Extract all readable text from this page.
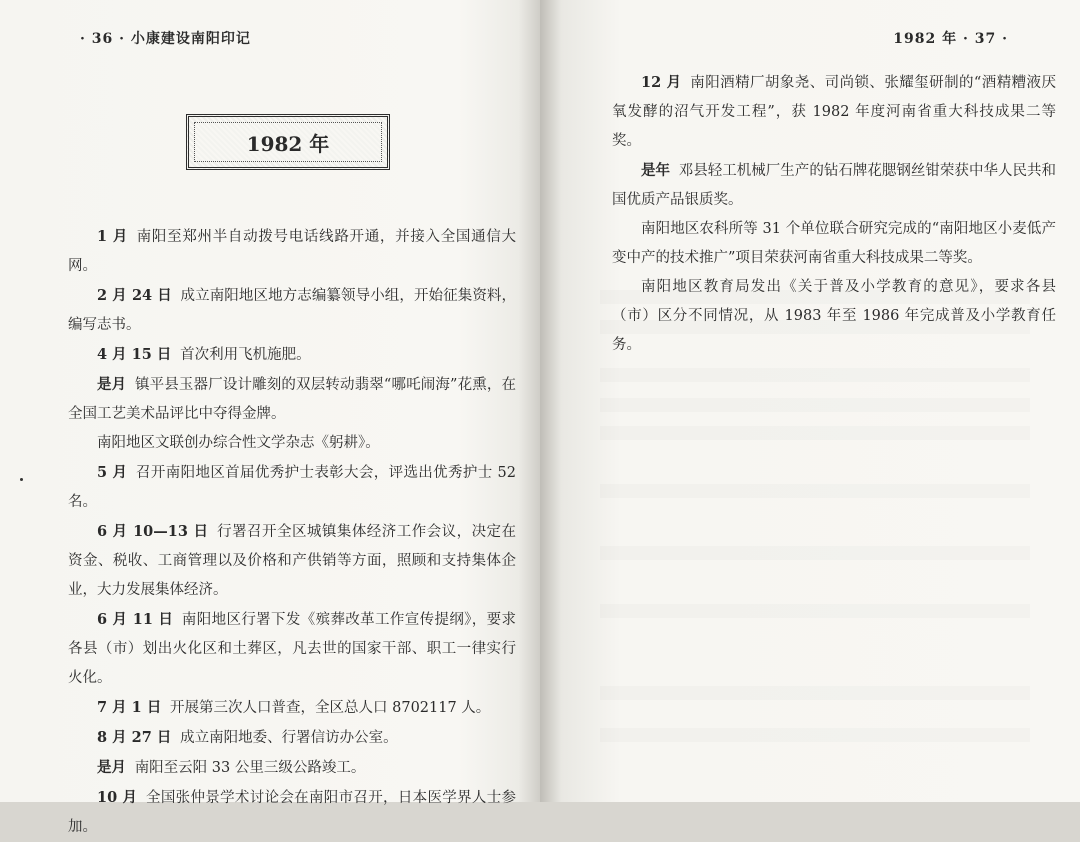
· 36 · 小康建设南阳印记
1982 年

1 月 南阳至郑州半自动拨号电话线路开通，并接入全国通信大网。

2 月 24 日 成立南阳地区地方志编纂领导小组，开始征集资料，编写志书。

4 月 15 日 首次利用飞机施肥。

是月 镇平县玉器厂设计雕刻的双层转动翡翠“哪吒闹海”花熏，在全国工艺美术品评比中夺得金牌。

南阳地区文联创办综合性文学杂志《躬耕》。

5 月 召开南阳地区首届优秀护士表彰大会，评选出优秀护士 52 名。

6 月 10—13 日 行署召开全区城镇集体经济工作会议，决定在资金、税收、工商管理以及价格和产供销等方面，照顾和支持集体企业，大力发展集体经济。

6 月 11 日 南阳地区行署下发《殡葬改革工作宣传提纲》，要求各县（市）划出火化区和土葬区，凡去世的国家干部、职工一律实行火化。

7 月 1 日 开展第三次人口普查，全区总人口 8702117 人。

8 月 27 日 成立南阳地委、行署信访办公室。

是月 南阳至云阳 33 公里三级公路竣工。

10 月 全国张仲景学术讨论会在南阳市召开，日本医学界人士参加。

1982 年 · 37 ·

12 月 南阳酒精厂胡象尧、司尚锁、张耀玺研制的“酒精糟液厌氧发酵的沼气开发工程”，获 1982 年度河南省重大科技成果二等奖。

是年 邓县轻工机械厂生产的钻石牌花腮钢丝钳荣获中华人民共和国优质产品银质奖。

南阳地区农科所等 31 个单位联合研究完成的“南阳地区小麦低产变中产的技术推广”项目荣获河南省重大科技成果二等奖。

南阳地区教育局发出《关于普及小学教育的意见》，要求各县（市）区分不同情况，从 1983 年至 1986 年完成普及小学教育任务。
